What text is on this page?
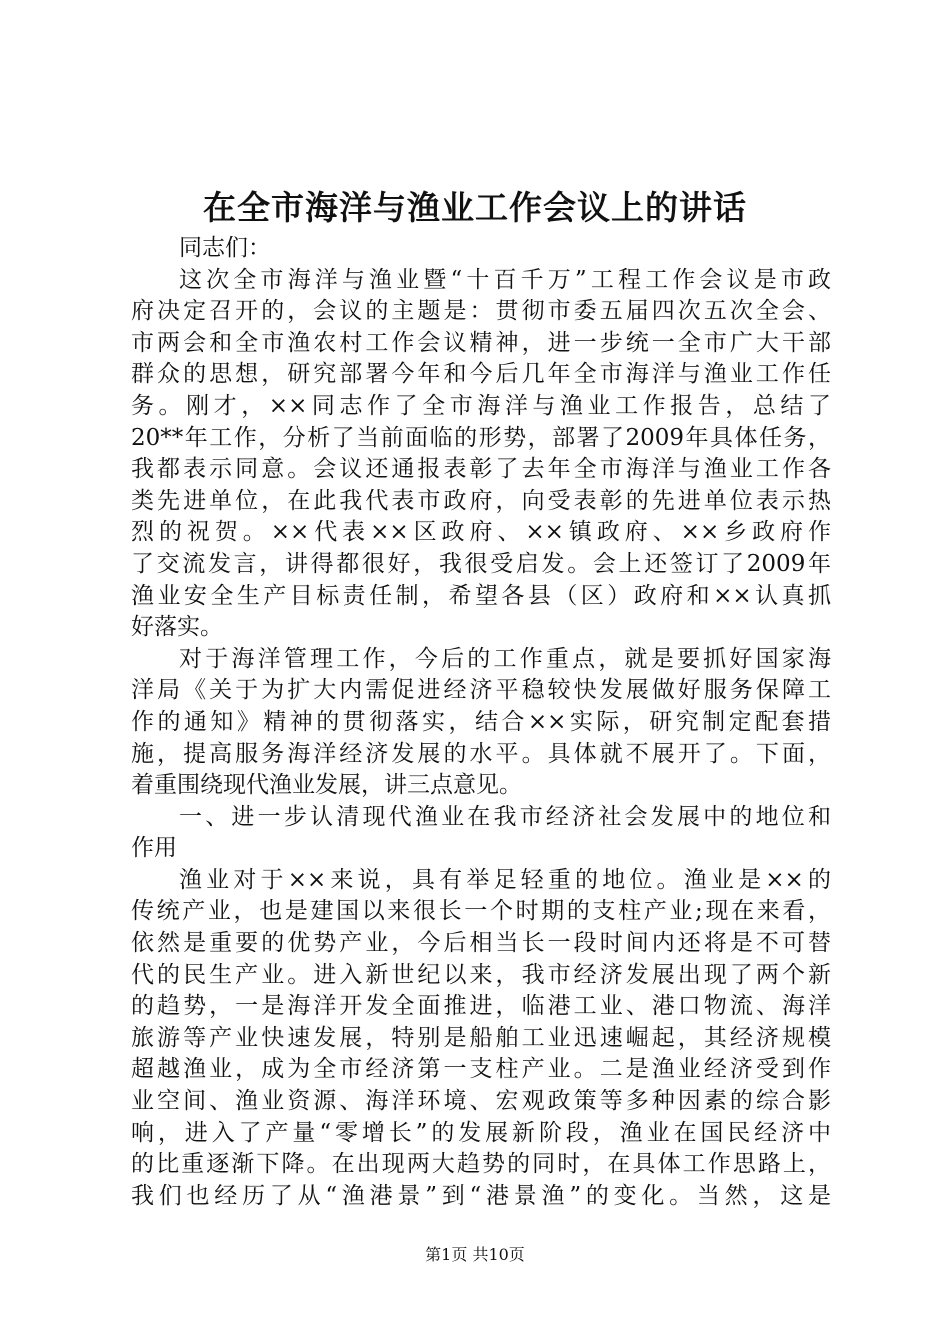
在全市海洋与渔业工作会议上的讲话
同志们：
这次全市海洋与渔业暨“十百千万”工程工作会议是市政
府决定召开的，会议的主题是：贯彻市委五届四次五次全会、
市两会和全市渔农村工作会议精神，进一步统一全市广大干部
群众的思想，研究部署今年和今后几年全市海洋与渔业工作任
务。刚才，××同志作了全市海洋与渔业工作报告，总结了
20**年工作，分析了当前面临的形势，部署了2009年具体任务，
我都表示同意。会议还通报表彰了去年全市海洋与渔业工作各
类先进单位，在此我代表市政府，向受表彰的先进单位表示热
烈的祝贺。××代表××区政府、××镇政府、××乡政府作
了交流发言，讲得都很好，我很受启发。会上还签订了2009年
渔业安全生产目标责任制，希望各县（区）政府和××认真抓
好落实。
对于海洋管理工作，今后的工作重点，就是要抓好国家海
洋局《关于为扩大内需促进经济平稳较快发展做好服务保障工
作的通知》精神的贯彻落实，结合××实际，研究制定配套措
施，提高服务海洋经济发展的水平。具体就不展开了。下面，
着重围绕现代渔业发展，讲三点意见。
一、进一步认清现代渔业在我市经济社会发展中的地位和
作用
渔业对于××来说，具有举足轻重的地位。渔业是××的
传统产业，也是建国以来很长一个时期的支柱产业;现在来看，
依然是重要的优势产业，今后相当长一段时间内还将是不可替
代的民生产业。进入新世纪以来，我市经济发展出现了两个新
的趋势，一是海洋开发全面推进，临港工业、港口物流、海洋
旅游等产业快速发展，特别是船舶工业迅速崛起，其经济规模
超越渔业，成为全市经济第一支柱产业。二是渔业经济受到作
业空间、渔业资源、海洋环境、宏观政策等多种因素的综合影
响，进入了产量“零增长”的发展新阶段，渔业在国民经济中
的比重逐渐下降。在出现两大趋势的同时，在具体工作思路上，
我们也经历了从“渔港景”到“港景渔”的变化。当然，这是
第1页 共10页
